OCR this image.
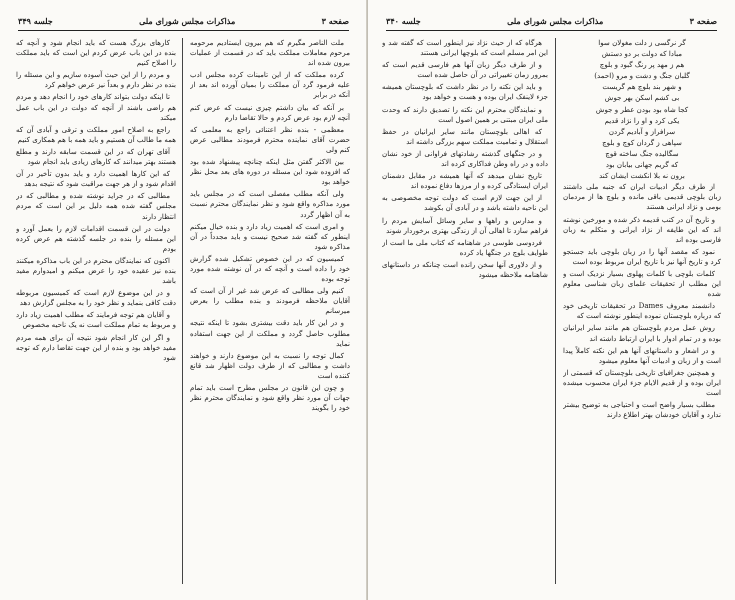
صفحه ۳
مذاکرات مجلس شورای ملی
جلسه ۳۴۹

ملت الناصر مگیرم که هم بیرون ایستادیم مرحومه مرحوم معاملات مملکت باید که در قسمت از عملیات بیرون شده اند

کرده مملکت که از این تامینات کرده مجلس ادب علیه فرمود گرد آن مملکت را بمیان آورده اند بعد از آنکه در برابر

بر آنکه که بیان داشتم چیزی نیست که عرض کنم آنچه لازم بود عرض کردم و حالا تقاضا دارم

معظمی - بنده نظر اعتنائی راجع به معلمی که حضرت آقای نماینده محترم فرمودند مطالبی عرض کنم ولی

بین الاکثر گفتن مثل اینکه چنانچه پیشنهاد شده بود که افزوده شود این مسئله در دوره های بعد محل نظر خواهد بود

ولی آنکه مطلب مفصلی است که در مجلس باید مورد مذاکره واقع شود و نظر نمایندگان محترم نسبت به آن اظهار گردد

و امری است که اهمیت زیاد دارد و بنده خیال میکنم اینطور که گفته شد صحیح نیست و باید مجدداً در آن مذاکره شود

کمیسیون که در این خصوص تشکیل شده گزارش خود را داده است و آنچه که در آن نوشته شده مورد توجه بوده

کنیم ولی مطالبی که عرض شد غیر از آن است که آقایان ملاحظه فرمودند و بنده مطلب را بعرض میرسانم

و در این کار باید دقت بیشتری بشود تا اینکه نتیجه مطلوب حاصل گردد و مملکت از این جهت استفاده نماید

کمال توجه را نسبت به این موضوع دارند و خواهند داشت و مطالبی که از طرف دولت اظهار شد قانع کننده است

و چون این قانون در مجلس مطرح است باید تمام جهات آن مورد نظر واقع شود و نمایندگان محترم نظر خود را بگویند

کارهای بزرگ هست که باید انجام شود و آنچه که بنده در این باب عرض کردم این است که باید مملکت را اصلاح کنیم

و مردم را از این حیث آسوده سازیم و این مسئله را بنده در نظر دارم و بعداً نیز عرض خواهم کرد

تا اینکه دولت بتواند کارهای خود را انجام دهد و مردم هم راضی باشند از آنچه که دولت در این باب عمل میکند

راجع به اصلاح امور مملکت و ترقی و آبادی آن که همه ما طالب آن هستیم و باید همه با هم همکاری کنیم

آقای تهران که در این قسمت سابقه دارند و مطلع هستند بهتر میدانند که کارهای زیادی باید انجام شود

که این کارها اهمیت دارد و باید بدون تأخیر در آن اقدام شود و از هر جهت مراقبت شود که نتیجه بدهد

مطالبی که در جراید نوشته شده و مطالبی که در مجلس گفته شده همه دلیل بر این است که مردم انتظار دارند

دولت در این قسمت اقدامات لازم را بعمل آورد و این مسئله را بنده در جلسه گذشته هم عرض کرده بودم

اکنون که نمایندگان محترم در این باب مذاکره میکنند بنده نیز عقیده خود را عرض میکنم و امیدوارم مفید باشد

و در این موضوع لازم است که کمیسیون مربوطه دقت کافی بنماید و نظر خود را به مجلس گزارش دهد

و آقایان هم توجه فرمایند که مطلب اهمیت زیاد دارد و مربوط به تمام مملکت است نه یک ناحیه مخصوص

و اگر این کار انجام شود نتیجه آن برای همه مردم مفید خواهد بود و بنده از این جهت تقاضا دارم که توجه شود

صفحه ۳
مذاکرات مجلس شورای ملی
جلسه ۳۴۰

گر نرگسی ز دلت مغولان سوا

مبادا که دولت بر دو دستش

هم ز مهد پر رنگ گبود و بلوچ

گلبان جنگ و دشت و مرو (احمد)

و شهر بند بلوچ هم گریست

بی کشم اسکن بهر جوش

کجا شاه بود بودن عطر و جوش

یکی کرد و او را نژاد قدیم

سرافراز و آبادیم گردن

سپاهی ز گردان کوچ و بلوچ

سگالیده جنگ ساخته قوچ

که گریم جهانی بیابان بود

برون نه بلا انکشت ایشان کند

از طرف دیگر ادبیات ایران که جنبه ملی داشتند زبان بلوچی قدیمی باقی مانده و بلوچ ها از مردمان بومی و نژاد ایرانی هستند

و تاریخ آن در کتب قدیمه ذکر شده و مورخین نوشته اند که این طایفه از نژاد ایرانی و متکلم به زبان فارسی بوده اند

نمود که مقصد آنها را در زبان بلوچی باید جستجو کرد و تاریخ آنها نیز با تاریخ ایران مربوط بوده است

کلمات بلوچی با کلمات پهلوی بسیار نزدیک است و این مطلب از تحقیقات علمای زبان شناسی معلوم شده

دانشمند معروف Dames در تحقیقات تاریخی خود که درباره بلوچستان نموده اینطور نوشته است که

روش عمل مردم بلوچستان هم مانند سایر ایرانیان بوده و در تمام ادوار با ایران ارتباط داشته اند

و در اشعار و داستانهای آنها هم این نکته کاملاً پیدا است و از زبان و ادبیات آنها معلوم میشود

و همچنین جغرافیای تاریخی بلوچستان که قسمتی از ایران بوده و از قدیم الایام جزء ایران محسوب میشده است

مطلب بسیار واضح است و احتیاجی به توضیح بیشتر ندارد و آقایان خودشان بهتر اطلاع دارند

هرگاه که از حیث نژاد نیز اینطور است که گفته شد و این امر مسلم است که بلوچها ایرانی هستند

و از طرف دیگر زبان آنها هم فارسی قدیم است که بمرور زمان تغییراتی در آن حاصل شده است

و باید این نکته را در نظر داشت که بلوچستان همیشه جزء لاینفک ایران بوده و هست و خواهد بود

و نمایندگان محترم این نکته را تصدیق دارند که وحدت ملی ایران مبتنی بر همین اصول است

که اهالی بلوچستان مانند سایر ایرانیان در حفظ استقلال و تمامیت مملکت سهم بزرگی داشته اند

و در جنگهای گذشته رشادتهای فراوانی از خود نشان داده و در راه وطن فداکاری کرده اند

تاریخ نشان میدهد که آنها همیشه در مقابل دشمنان ایران ایستادگی کرده و از مرزها دفاع نموده اند

از این جهت لازم است که دولت توجه مخصوصی به این ناحیه داشته باشد و در آبادی آن بکوشد

و مدارس و راهها و سایر وسائل آسایش مردم را فراهم سازد تا اهالی آن از زندگی بهتری برخوردار شوند

فردوسی طوسی در شاهنامه که کتاب ملی ما است از طوایف بلوچ در جنگها یاد کرده

و از دلاوری آنها سخن رانده است چنانکه در داستانهای شاهنامه ملاحظه میشود
